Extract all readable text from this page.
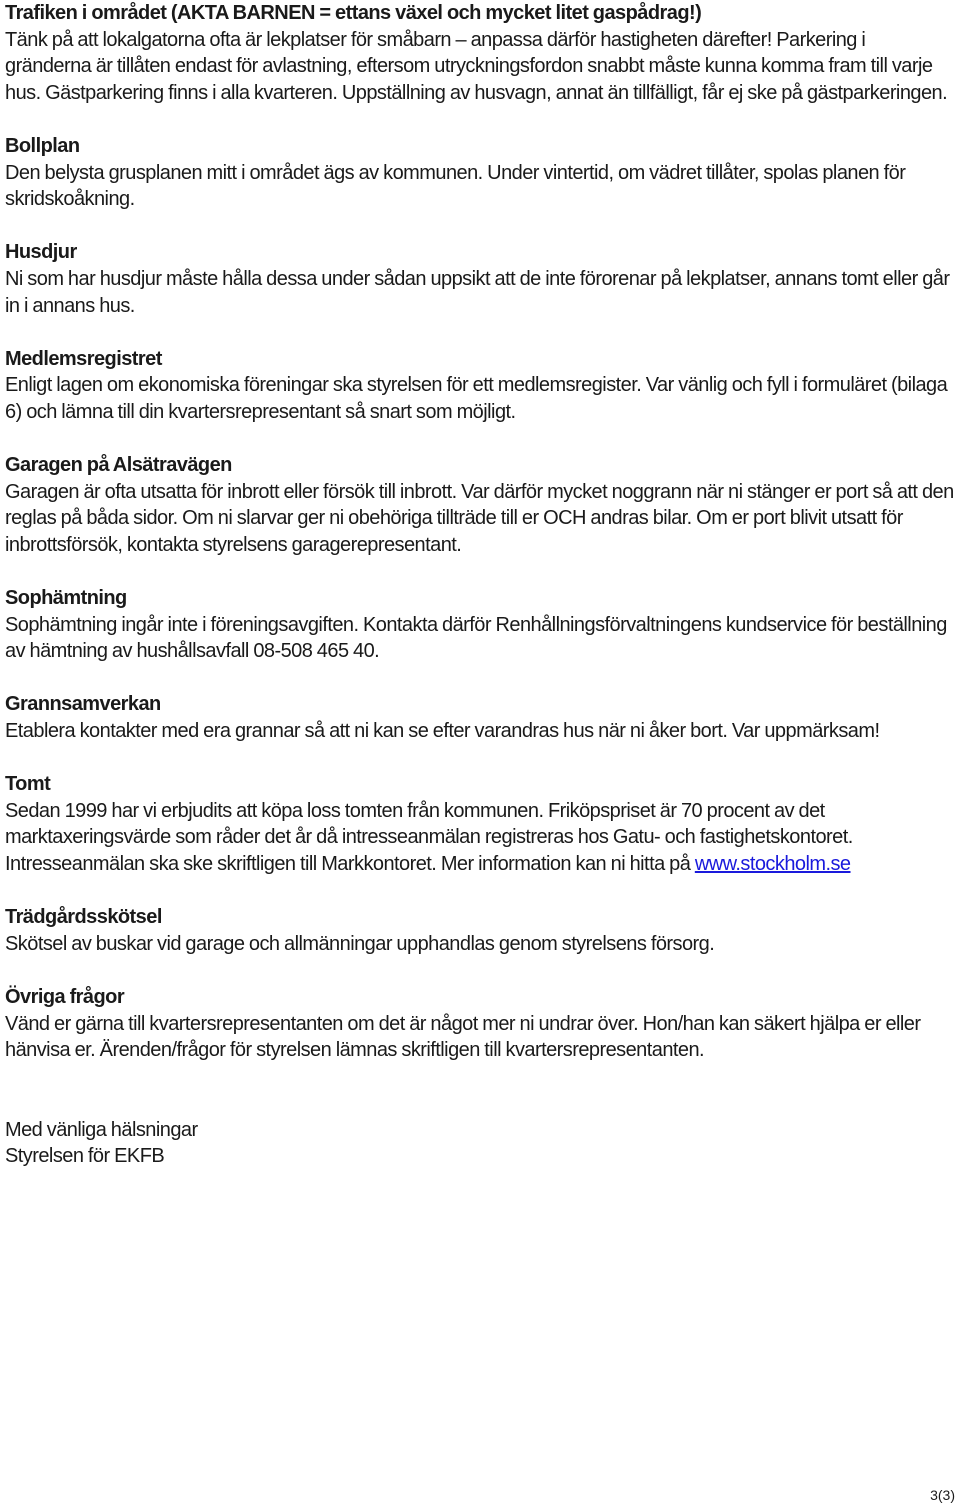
Trafiken i området (AKTA BARNEN = ettans växel och mycket litet gaspådrag!)
Tänk på att lokalgatorna ofta är lekplatser för småbarn – anpassa därför hastigheten därefter! Parkering i gränderna är tillåten endast för avlastning, eftersom utryckningsfordon snabbt måste kunna komma fram till varje hus. Gästparkering finns i alla kvarteren. Uppställning av husvagn, annat än tillfälligt, får ej ske på gästparkeringen.
Bollplan
Den belysta grusplanen mitt i området ägs av kommunen. Under vintertid, om vädret tillåter, spolas planen för skridskoåkning.
Husdjur
Ni som har husdjur måste hålla dessa under sådan uppsikt att de inte förorenar på lekplatser, annans tomt eller går in i annans hus.
Medlemsregistret
Enligt lagen om ekonomiska föreningar ska styrelsen för ett medlemsregister. Var vänlig och fyll i formuläret (bilaga 6) och lämna till din kvartersrepresentant så snart som möjligt.
Garagen på Alsätravägen
Garagen är ofta utsatta för inbrott eller försök till inbrott. Var därför mycket noggrann när ni stänger er port så att den reglas på båda sidor. Om ni slarvar ger ni obehöriga tillträde till er OCH andras bilar. Om er port blivit utsatt för inbrottsförsök, kontakta styrelsens garagerepresentant.
Sophämtning
Sophämtning ingår inte i föreningsavgiften. Kontakta därför Renhållningsförvaltningens kundservice för beställning av hämtning av hushållsavfall 08-508 465 40.
Grannsamverkan
Etablera kontakter med era grannar så att ni kan se efter varandras hus när ni åker bort. Var uppmärksam!
Tomt
Sedan 1999 har vi erbjudits att köpa loss tomten från kommunen. Friköpspriset är 70 procent av det marktaxeringsvärde som råder det år då intresseanmälan registreras hos Gatu- och fastighetskontoret. Intresseanmälan ska ske skriftligen till Markkontoret. Mer information kan ni hitta på www.stockholm.se
Trädgårdsskötsel
Skötsel av buskar vid garage och allmänningar upphandlas genom styrelsens försorg.
Övriga frågor
Vänd er gärna till kvartersrepresentanten om det är något mer ni undrar över. Hon/han kan säkert hjälpa er eller hänvisa er. Ärenden/frågor för styrelsen lämnas skriftligen till kvartersrepresentanten.
Med vänliga hälsningar
Styrelsen för EKFB
3(3)
